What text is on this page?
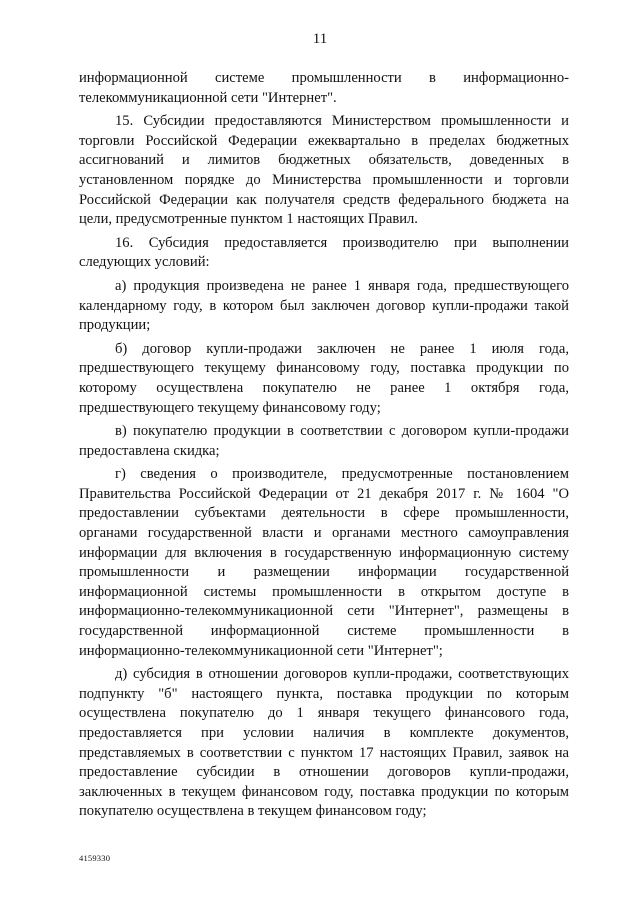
11

информационной системе промышленности в информационно-телекоммуникационной сети "Интернет".

15. Субсидии предоставляются Министерством промышленности и торговли Российской Федерации ежеквартально в пределах бюджетных ассигнований и лимитов бюджетных обязательств, доведенных в установленном порядке до Министерства промышленности и торговли Российской Федерации как получателя средств федерального бюджета на цели, предусмотренные пунктом 1 настоящих Правил.

16. Субсидия предоставляется производителю при выполнении следующих условий:

а) продукция произведена не ранее 1 января года, предшествующего календарному году, в котором был заключен договор купли-продажи такой продукции;

б) договор купли-продажи заключен не ранее 1 июля года, предшествующего текущему финансовому году, поставка продукции по которому осуществлена покупателю не ранее 1 октября года, предшествующего текущему финансовому году;

в) покупателю продукции в соответствии с договором купли-продажи предоставлена скидка;

г) сведения о производителе, предусмотренные постановлением Правительства Российской Федерации от 21 декабря 2017 г. № 1604 "О предоставлении субъектами деятельности в сфере промышленности, органами государственной власти и органами местного самоуправления информации для включения в государственную информационную систему промышленности и размещении информации государственной информационной системы промышленности в открытом доступе в информационно-телекоммуникационной сети "Интернет", размещены в государственной информационной системе промышленности в информационно-телекоммуникационной сети "Интернет";

д) субсидия в отношении договоров купли-продажи, соответствующих подпункту "б" настоящего пункта, поставка продукции по которым осуществлена покупателю до 1 января текущего финансового года, предоставляется при условии наличия в комплекте документов, представляемых в соответствии с пунктом 17 настоящих Правил, заявок на предоставление субсидии в отношении договоров купли-продажи, заключенных в текущем финансовом году, поставка продукции по которым покупателю осуществлена в текущем финансовом году;

4159330
